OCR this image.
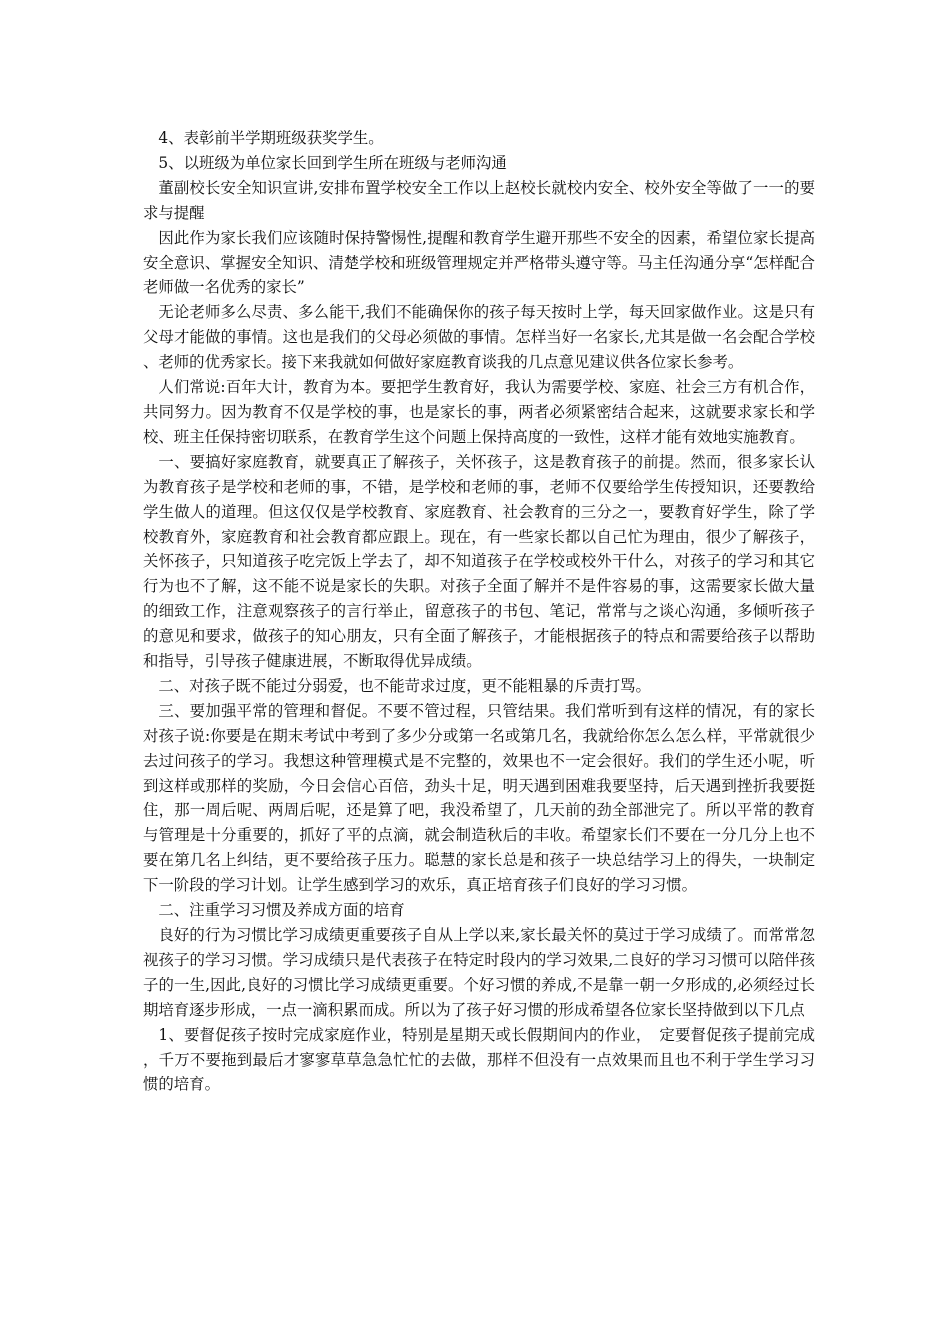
4、表彰前半学期班级获奖学生。

5、以班级为单位家长回到学生所在班级与老师沟通

董副校长安全知识宣讲,安排布置学校安全工作以上赵校长就校内安全、校外安全等做了一一的要求与提醒

因此作为家长我们应该随时保持警惕性,提醒和教育学生避开那些不安全的因素，希望位家长提高安全意识、掌握安全知识、清楚学校和班级管理规定并严格带头遵守等。马主任沟通分享“怎样配合老师做一名优秀的家长”

无论老师多么尽责、多么能干,我们不能确保你的孩子每天按时上学，每天回家做作业。这是只有父母才能做的事情。这也是我们的父母必须做的事情。怎样当好一名家长,尤其是做一名会配合学校、老师的优秀家长。接下来我就如何做好家庭教育谈我的几点意见建议供各位家长参考。

人们常说:百年大计，教育为本。要把学生教育好，我认为需要学校、家庭、社会三方有机合作，共同努力。因为教育不仅是学校的事，也是家长的事，两者必须紧密结合起来，这就要求家长和学校、班主任保持密切联系，在教育学生这个问题上保持高度的一致性，这样才能有效地实施教育。

一、要搞好家庭教育，就要真正了解孩子，关怀孩子，这是教育孩子的前提。然而，很多家长认为教育孩子是学校和老师的事，不错，是学校和老师的事，老师不仅要给学生传授知识，还要教给学生做人的道理。但这仅仅是学校教育、家庭教育、社会教育的三分之一，要教育好学生，除了学校教育外，家庭教育和社会教育都应跟上。现在，有一些家长都以自己忙为理由，很少了解孩子，关怀孩子，只知道孩子吃完饭上学去了，却不知道孩子在学校或校外干什么，对孩子的学习和其它行为也不了解，这不能不说是家长的失职。对孩子全面了解并不是件容易的事，这需要家长做大量的细致工作，注意观察孩子的言行举止，留意孩子的书包、笔记，常常与之谈心沟通，多倾听孩子的意见和要求，做孩子的知心朋友，只有全面了解孩子，才能根据孩子的特点和需要给孩子以帮助和指导，引导孩子健康进展，不断取得优异成绩。

二、对孩子既不能过分弱爱，也不能苛求过度，更不能粗暴的斥责打骂。

三、要加强平常的管理和督促。不要不管过程，只管结果。我们常听到有这样的情况，有的家长对孩子说:你要是在期末考试中考到了多少分或第一名或第几名，我就给你怎么怎么样，平常就很少去过问孩子的学习。我想这种管理模式是不完整的，效果也不一定会很好。我们的学生还小呢，听到这样或那样的奖励，今日会信心百倍，劲头十足，明天遇到困难我要坚持，后天遇到挫折我要挺住，那一周后呢、两周后呢，还是算了吧，我没希望了，几天前的劲全部泄完了。所以平常的教育与管理是十分重要的，抓好了平的点滴，就会制造秋后的丰收。希望家长们不要在一分几分上也不要在第几名上纠结，更不要给孩子压力。聪慧的家长总是和孩子一块总结学习上的得失，一块制定下一阶段的学习计划。让学生感到学习的欢乐，真正培育孩子们良好的学习习惯。

二、注重学习习惯及养成方面的培育

良好的行为习惯比学习成绩更重要孩子自从上学以来,家长最关怀的莫过于学习成绩了。而常常忽视孩子的学习习惯。学习成绩只是代表孩子在特定时段内的学习效果,二良好的学习习惯可以陪伴孩子的一生,因此,良好的习惯比学习成绩更重要。个好习惯的养成,不是靠一朝一夕形成的,必须经过长期培育逐步形成，一点一滴积累而成。所以为了孩子好习惯的形成希望各位家长坚持做到以下几点

1、要督促孩子按时完成家庭作业，特别是星期天或长假期间内的作业，　定要督促孩子提前完成，千万不要拖到最后才寥寥草草急急忙忙的去做，那样不但没有一点效果而且也不利于学生学习习惯的培育。
